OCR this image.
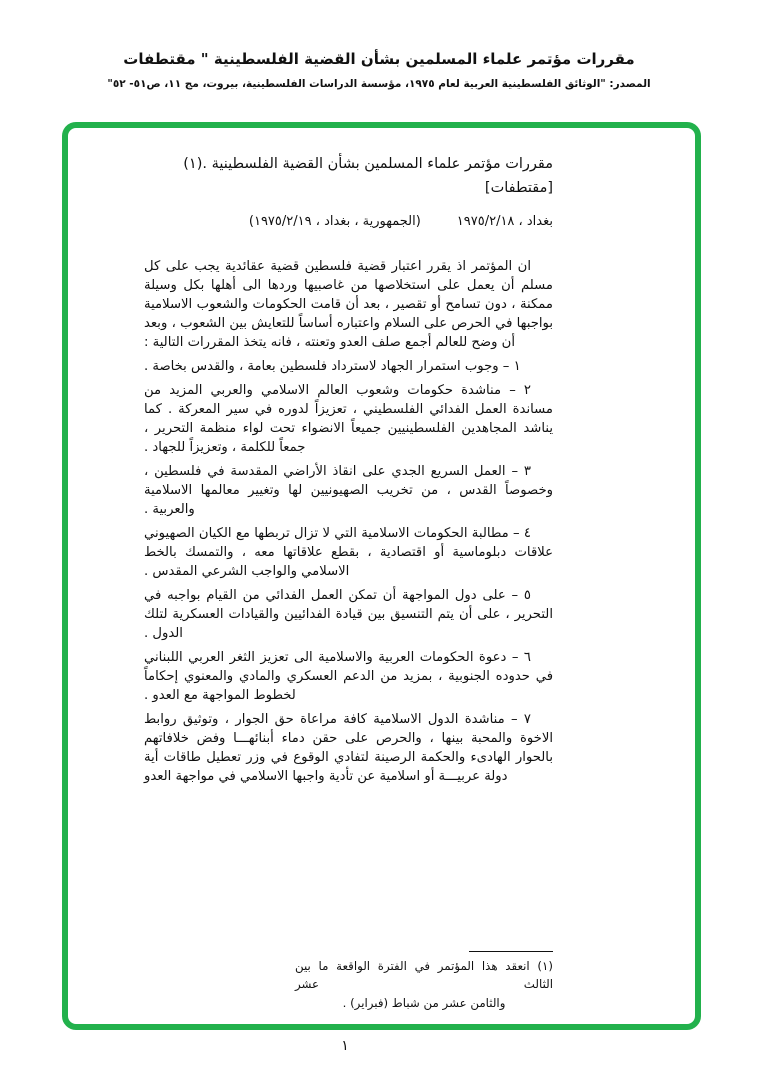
مقررات مؤتمر علماء المسلمين بشأن القضية الفلسطينية " مقتطفات
المصدر: "الوثائق الفلسطينية العربية لعام ١٩٧٥، مؤسسة الدراسات الفلسطينية، بيروت، مج ١١، ص٥١- ٥٢"
مقررات مؤتمر علماء المسلمين بشأن القضية الفلسطينية .(١)
[مقتطفات]
بغداد ، ١٩٧٥/٢/١٨
(الجمهورية ، بغداد ، ١٩٧٥/٢/١٩)

ان المؤتمر اذ يقرر اعتبار قضية فلسطين قضية عقائدية يجب على كل مسلم أن يعمل على استخلاصها من غاصبيها وردها الى أهلها بكل وسيلة ممكنة ، دون تسامح أو تقصير ، بعد أن قامت الحكومات والشعوب الاسلامية بواجبها في الحرص على السلام واعتباره أساساً للتعايش بين الشعوب ، وبعد أن وضح للعالم أجمع صلف العدو وتعنته ، فانه يتخذ المقررات التالية :

١ – وجوب استمرار الجهاد لاسترداد فلسطين بعامة ، والقدس بخاصة .

٢ – مناشدة حكومات وشعوب العالم الاسلامي والعربي المزيد من مساندة العمل الفدائي الفلسطيني ، تعزيزاً لدوره في سير المعركة . كما يناشد المجاهدين الفلسطينيين جميعاً الانضواء تحت لواء منظمة التحرير ، جمعاً للكلمة ، وتعزيزاً للجهاد .

٣ – العمل السريع الجدي على انقاذ الأراضي المقدسة في فلسطين ، وخصوصاً القدس ، من تخريب الصهيونيين لها وتغيير معالمها الاسلامية والعربية .

٤ – مطالبة الحكومات الاسلامية التي لا تزال تربطها مع الكيان الصهيوني علاقات دبلوماسية أو اقتصادية ، بقطع علاقاتها معه ، والتمسك بالخط الاسلامي والواجب الشرعي المقدس .

٥ – على دول المواجهة أن تمكن العمل الفدائي من القيام بواجبه في التحرير ، على أن يتم التنسيق بين قيادة الفدائيين والقيادات العسكرية لتلك الدول .

٦ – دعوة الحكومات العربية والاسلامية الى تعزيز الثغر العربي اللبناني في حدوده الجنوبية ، بمزيد من الدعم العسكري والمادي والمعنوي إحكاماً لخطوط المواجهة مع العدو .

٧ – مناشدة الدول الاسلامية كافة مراعاة حق الجوار ، وتوثيق روابط الاخوة والمحبة بينها ، والحرص على حقن دماء أبنائهـــا وفض خلافاتهم بالحوار الهادىء والحكمة الرصينة لتفادي الوقوع في وزر تعطيل طاقات أية دولة عربيـــة أو اسلامية عن تأدية واجبها الاسلامي في مواجهة العدو

(١) انعقد هذا المؤتمر في الفترة الواقعة ما بين الثالث عشر
والثامن عشر من شباط (فبراير) .
١
